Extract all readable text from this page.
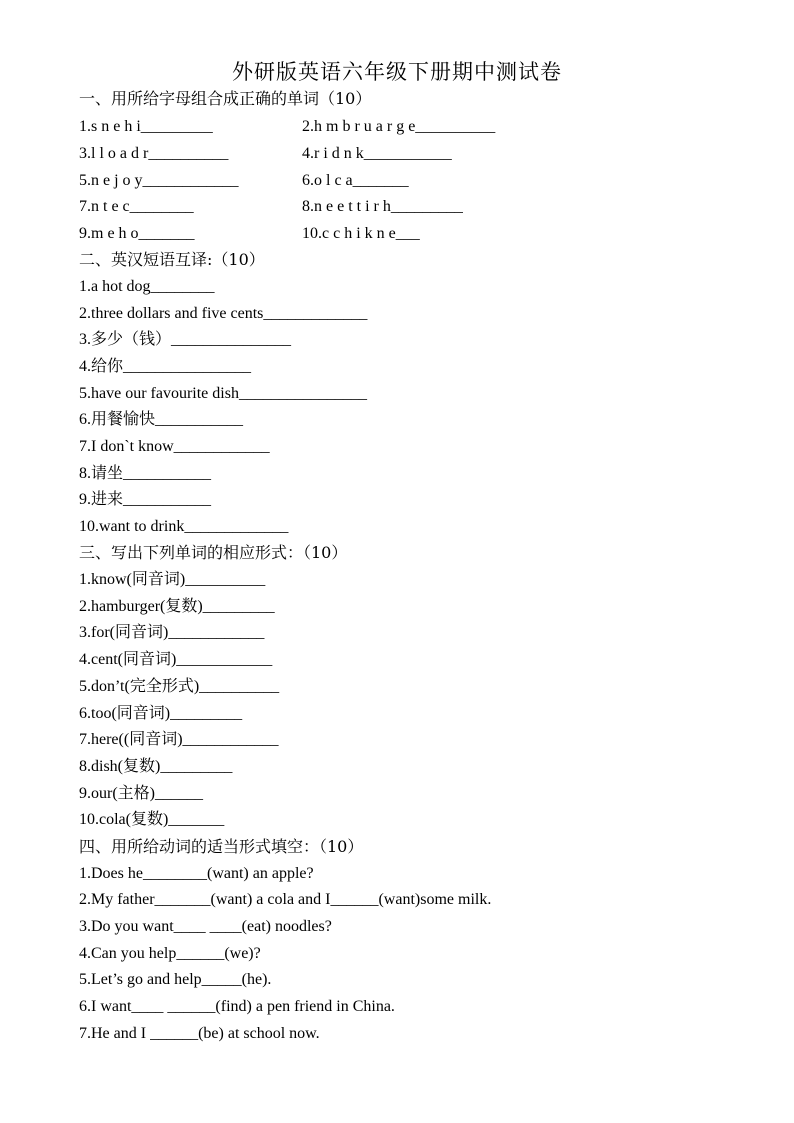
外研版英语六年级下册期中测试卷
一、用所给字母组合成正确的单词（10）
1.s n e h i_________	2.h m b r u a r g e__________
3.l l o a d r__________	4.r i d n k___________
5.n e j o y____________	6.o l c a_______
7.n t e c________	8.n e e t t i r h_________
9.m e h o_______	10.c c h i k n e___
二、英汉短语互译:（10）
1.a hot dog________
2.three dollars and five cents_____________
3.多少（钱）_______________
4.给你________________
5.have our favourite dish________________
6.用餐愉快___________
7.I don`t know____________
8.请坐___________
9.进来___________
10.want to drink_____________
三、写出下列单词的相应形式：（10）
1.know(同音词)__________
2.hamburger(复数)_________
3.for(同音词)____________
4.cent(同音词)____________
5.don’t(完全形式)__________
6.too(同音词)_________
7.here((同音词)____________
8.dish(复数)_________
9.our(主格)______
10.cola(复数)_______
四、用所给动词的适当形式填空：（10）
1.Does he________(want) an apple?
2.My father_______(want) a cola and I______(want)some milk.
3.Do you want____ ____(eat) noodles?
4.Can you help______(we)?
5.Let’s go and help_____(he).
6.I want____ ______(find) a pen friend in China.
7.He and I ______(be) at school now.
